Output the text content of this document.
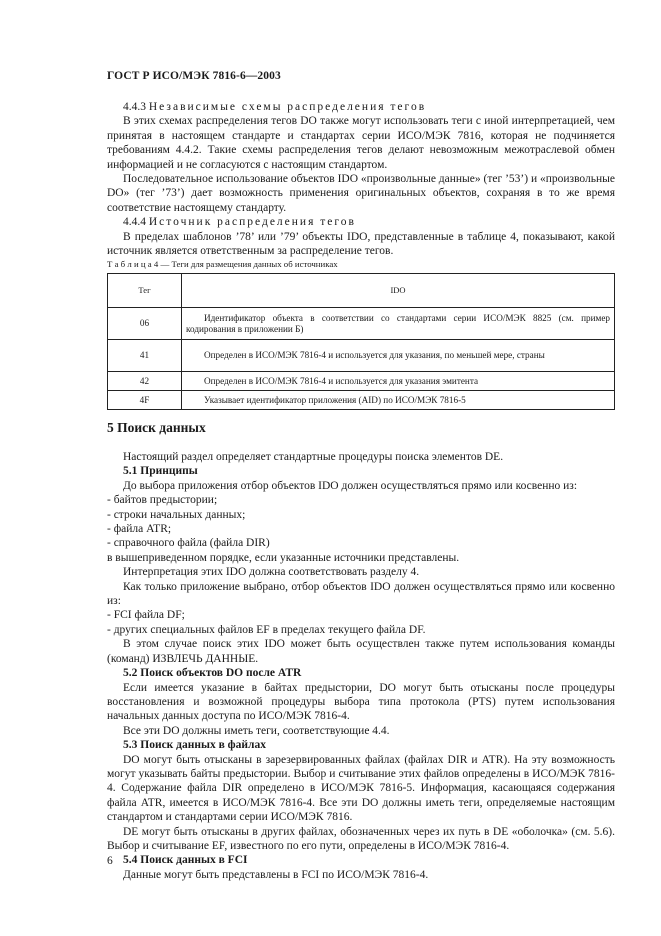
ГОСТ Р ИСО/МЭК 7816-6—2003

4.4.3 Независимые схемы распределения тегов

В этих схемах распределения тегов DO также могут использовать теги с иной интерпретацией, чем принятая в настоящем стандарте и стандартах серии ИСО/МЭК 7816, которая не подчиняется требованиям 4.4.2. Такие схемы распределения тегов делают невозможным межотраслевой обмен информацией и не согласуются с настоящим стандартом.

Последовательное использование объектов IDO «произвольные данные» (тег ’53’) и «произвольные DO» (тег ’73’) дает возможность применения оригинальных объектов, сохраняя в то же время соответствие настоящему стандарту.

4.4.4 Источник распределения тегов

В пределах шаблонов ’78’ или ’79’ объекты IDO, представленные в таблице 4, показывают, какой источник является ответственным за распределение тегов.

Т а б л и ц а 4 — Теги для размещения данных об источниках
Тег	IDO
06	Идентификатор объекта в соответствии со стандартами серии ИСО/МЭК 8825 (см. пример кодирования в приложении Б)
41	Определен в ИСО/МЭК 7816-4 и используется для указания, по меньшей мере, страны
42	Определен в ИСО/МЭК 7816-4 и используется для указания эмитента
4F	Указывает идентификатор приложения (AID) по ИСО/МЭК 7816-5
5 Поиск данных

Настоящий раздел определяет стандартные процедуры поиска элементов DE.

5.1 Принципы

До выбора приложения отбор объектов IDO должен осуществляться прямо или косвенно из:

- байтов предыстории;
- строки начальных данных;
- файла ATR;
- справочного файла (файла DIR)

в вышеприведенном порядке, если указанные источники представлены.

Интерпретация этих IDO должна соответствовать разделу 4.

Как только приложение выбрано, отбор объектов IDO должен осуществляться прямо или косвенно из:

- FCI файла DF;
- других специальных файлов EF в пределах текущего файла DF.

В этом случае поиск этих IDO может быть осуществлен также путем использования команды (команд) ИЗВЛЕЧЬ ДАННЫЕ.

5.2 Поиск объектов DO после ATR

Если имеется указание в байтах предыстории, DO могут быть отысканы после процедуры восстановления и возможной процедуры выбора типа протокола (PTS) путем использования начальных данных доступа по ИСО/МЭК 7816-4.

Все эти DO должны иметь теги, соответствующие 4.4.

5.3 Поиск данных в файлах

DO могут быть отысканы в зарезервированных файлах (файлах DIR и ATR). На эту возможность могут указывать байты предыстории. Выбор и считывание этих файлов определены в ИСО/МЭК 7816-4. Содержание файла DIR определено в ИСО/МЭК 7816-5. Информация, касающаяся содержания файла ATR, имеется в ИСО/МЭК 7816-4. Все эти DO должны иметь теги, определяемые настоящим стандартом и стандартами серии ИСО/МЭК 7816.

DE могут быть отысканы в других файлах, обозначенных через их путь в DE «оболочка» (см. 5.6). Выбор и считывание EF, известного по его пути, определены в ИСО/МЭК 7816-4.

5.4 Поиск данных в FCI

Данные могут быть представлены в FCI по ИСО/МЭК 7816-4.

6
